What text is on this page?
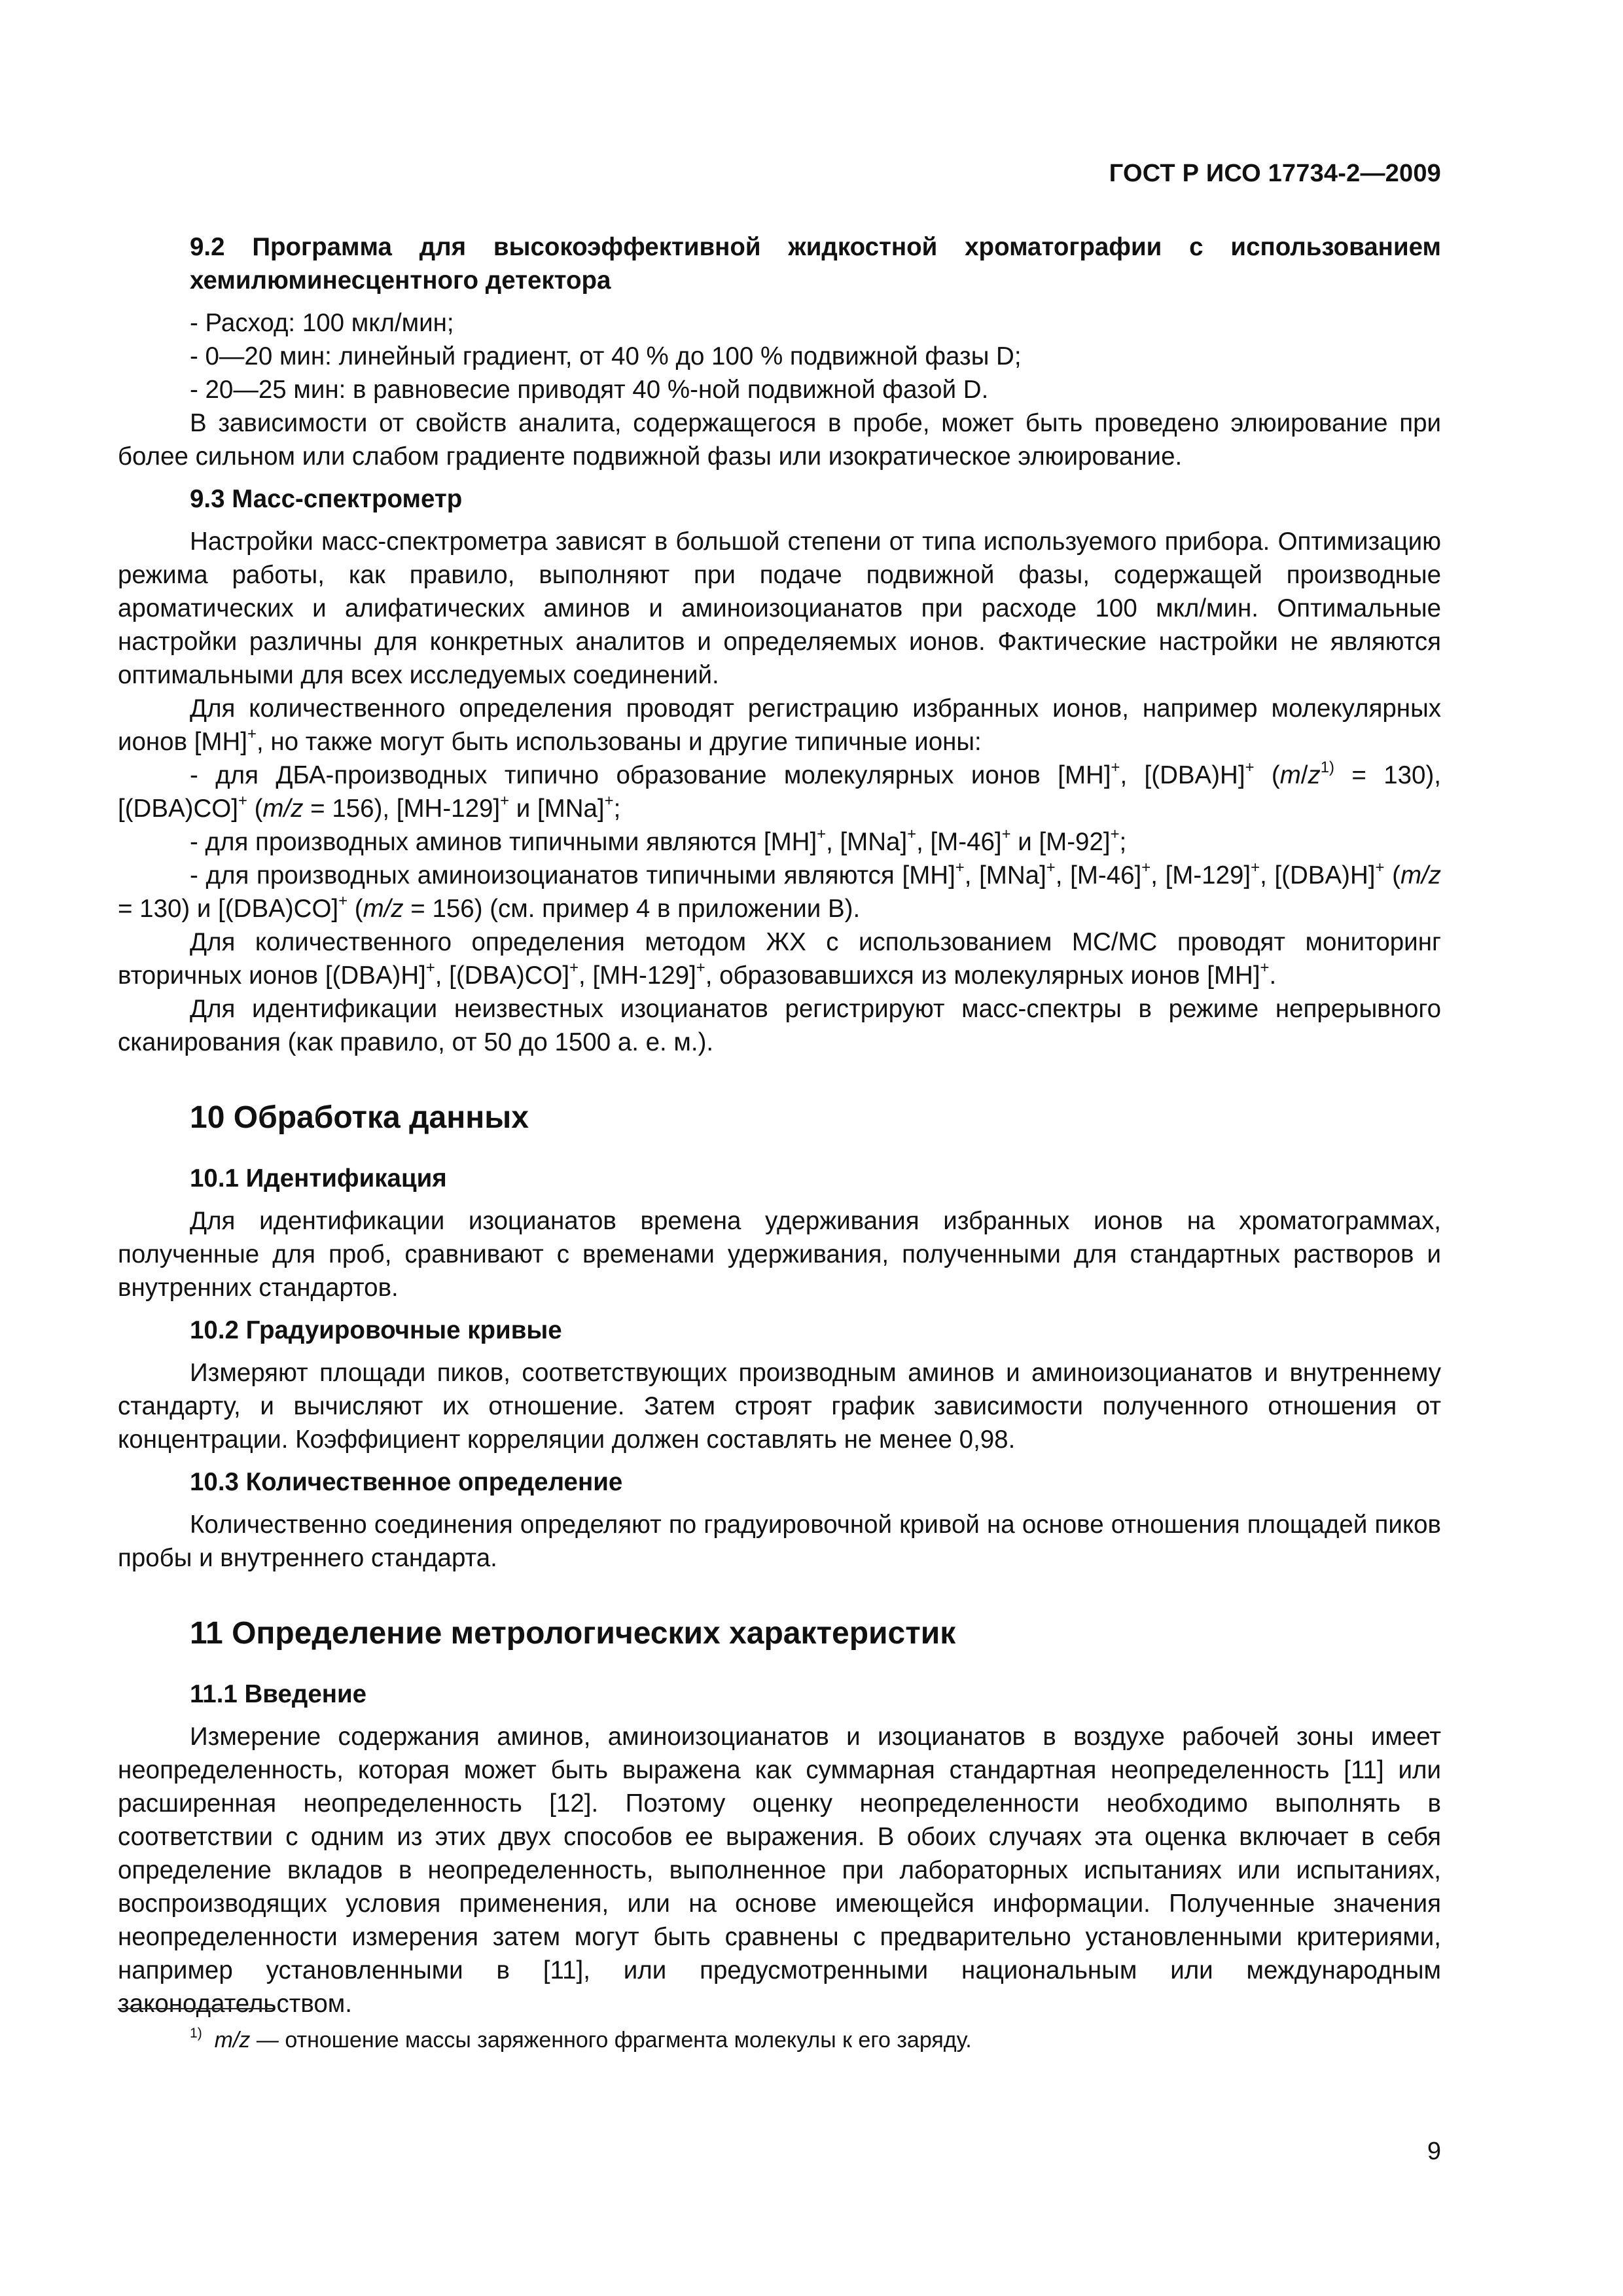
ГОСТ Р ИСО 17734-2—2009

9.2 Программа для высокоэффективной жидкостной хроматографии с использованием хемилюминесцентного детектора

- Расход: 100 мкл/мин;

- 0—20 мин: линейный градиент, от 40 % до 100 % подвижной фазы D;

- 20—25 мин: в равновесие приводят 40 %-ной подвижной фазой D.

В зависимости от свойств аналита, содержащегося в пробе, может быть проведено элюирование при более сильном или слабом градиенте подвижной фазы или изократическое элюирование.

9.3 Масс-спектрометр

Настройки масс-спектрометра зависят в большой степени от типа используемого прибора. Оптимизацию режима работы, как правило, выполняют при подаче подвижной фазы, содержащей производные ароматических и алифатических аминов и аминоизоцианатов при расходе 100 мкл/мин. Оптимальные настройки различны для конкретных аналитов и определяемых ионов. Фактические настройки не являются оптимальными для всех исследуемых соединений.

Для количественного определения проводят регистрацию избранных ионов, например молекулярных ионов [MH]+, но также могут быть использованы и другие типичные ионы:

- для ДБА-производных типично образование молекулярных ионов [MH]+, [(DBA)H]+ $(m/z^{1)} = 130)$, [(DBA)CO]+ (m/z = 156), [MH-129]+ и [MNa]+;

- для производных аминов типичными являются [MH]+, [MNa]+, [M-46]+ и [M-92]+;

- для производных аминоизоцианатов типичными являются [MH]+, [MNa]+, [M-46]+, [M-129]+, [(DBA)H]+ (m/z = 130) и [(DBA)CO]+ (m/z = 156) (см. пример 4 в приложении В).

Для количественного определения методом ЖХ с использованием МС/МС проводят мониторинг вторичных ионов [(DBA)H]+, [(DBA)CO]+, [MH-129]+, образовавшихся из молекулярных ионов [MH]+.

Для идентификации неизвестных изоцианатов регистрируют масс-спектры в режиме непрерывного сканирования (как правило, от 50 до 1500 а. е. м.).

10 Обработка данных

10.1 Идентификация

Для идентификации изоцианатов времена удерживания избранных ионов на хроматограммах, полученные для проб, сравнивают с временами удерживания, полученными для стандартных растворов и внутренних стандартов.

10.2 Градуировочные кривые

Измеряют площади пиков, соответствующих производным аминов и аминоизоцианатов и внутреннему стандарту, и вычисляют их отношение. Затем строят график зависимости полученного отношения от концентрации. Коэффициент корреляции должен составлять не менее 0,98.

10.3 Количественное определение

Количественно соединения определяют по градуировочной кривой на основе отношения площадей пиков пробы и внутреннего стандарта.

11 Определение метрологических характеристик

11.1 Введение

Измерение содержания аминов, аминоизоцианатов и изоцианатов в воздухе рабочей зоны имеет неопределенность, которая может быть выражена как суммарная стандартная неопределенность [11] или расширенная неопределенность [12]. Поэтому оценку неопределенности необходимо выполнять в соответствии с одним из этих двух способов ее выражения. В обоих случаях эта оценка включает в себя определение вкладов в неопределенность, выполненное при лабораторных испытаниях или испытаниях, воспроизводящих условия применения, или на основе имеющейся информации. Полученные значения неопределенности измерения затем могут быть сравнены с предварительно установленными критериями, например установленными в [11], или предусмотренными национальным или международным законодательством.

$^{1)}$ m/z — отношение массы заряженного фрагмента молекулы к его заряду.
9
